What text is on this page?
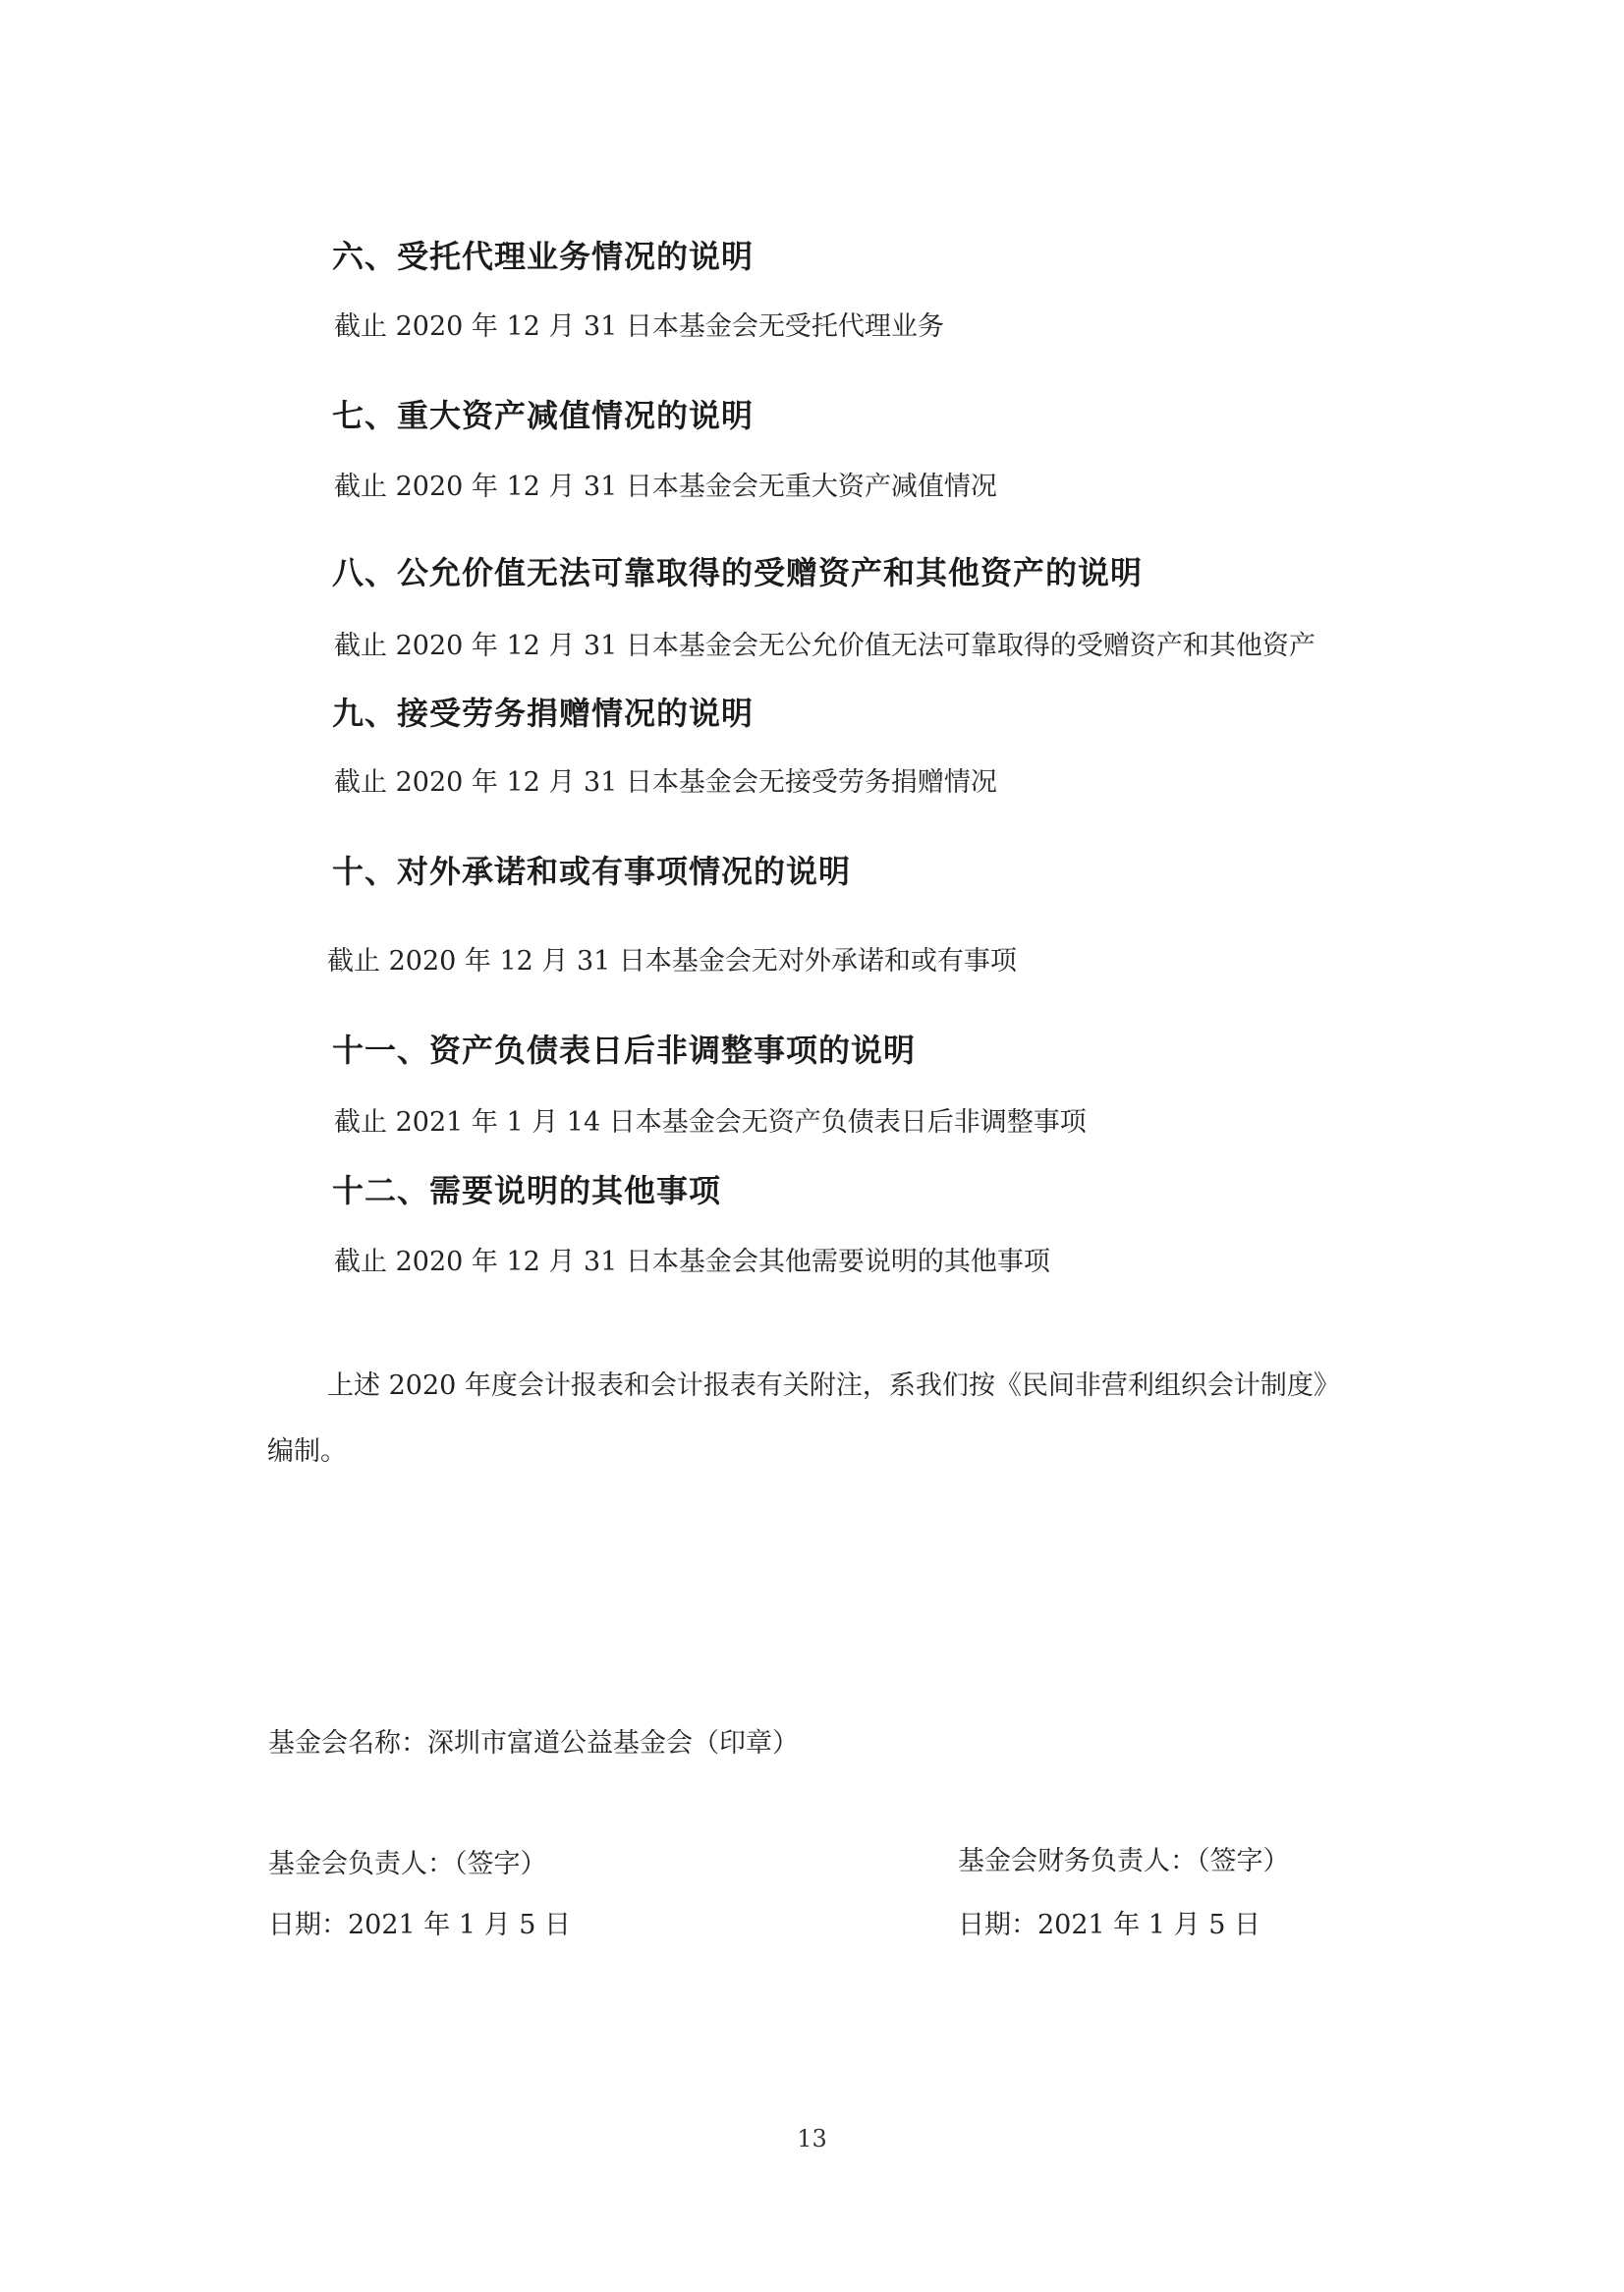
六、受托代理业务情况的说明
截止 2020 年 12 月 31 日本基金会无受托代理业务
七、重大资产减值情况的说明
截止 2020 年 12 月 31 日本基金会无重大资产减值情况
八、公允价值无法可靠取得的受赠资产和其他资产的说明
截止 2020 年 12 月 31 日本基金会无公允价值无法可靠取得的受赠资产和其他资产
九、接受劳务捐赠情况的说明
截止 2020 年 12 月 31 日本基金会无接受劳务捐赠情况
十、对外承诺和或有事项情况的说明
截止 2020 年 12 月 31 日本基金会无对外承诺和或有事项
十一、资产负债表日后非调整事项的说明
截止 2021 年 1 月 14 日本基金会无资产负债表日后非调整事项
十二、需要说明的其他事项
截止 2020 年 12 月 31 日本基金会其他需要说明的其他事项
上述 2020 年度会计报表和会计报表有关附注，系我们按《民间非营利组织会计制度》
编制。
基金会名称：深圳市富道公益基金会（印章）
基金会负责人：（签字）
日期：2021 年 1 月 5 日
基金会财务负责人：（签字）
日期：2021 年 1 月 5 日
13
